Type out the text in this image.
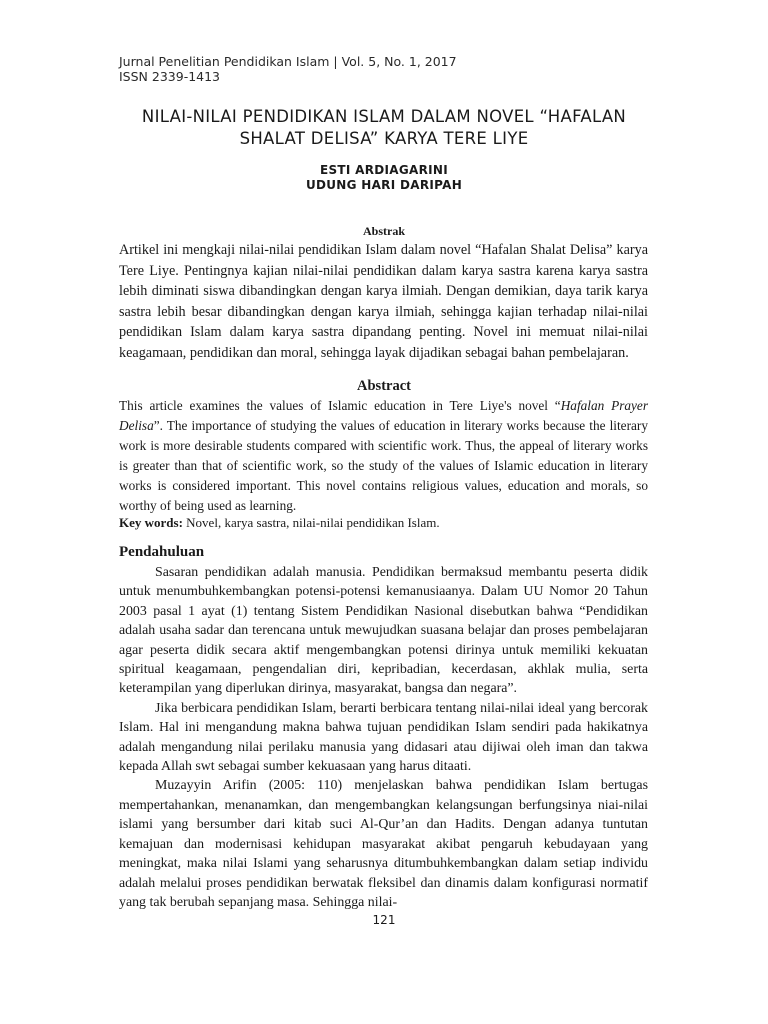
Jurnal Penelitian Pendidikan Islam | Vol. 5, No. 1, 2017
ISSN 2339-1413
NILAI-NILAI PENDIDIKAN ISLAM DALAM NOVEL “HAFALAN
SHALAT DELISA” KARYA TERE LIYE
ESTI ARDIAGARINI
UDUNG HARI DARIPAH
Abstrak
Artikel ini mengkaji nilai-nilai pendidikan Islam dalam novel “Hafalan Shalat Delisa” karya Tere Liye. Pentingnya kajian nilai-nilai pendidikan dalam karya sastra karena karya sastra lebih diminati siswa dibandingkan dengan karya ilmiah. Dengan demikian, daya tarik karya sastra lebih besar dibandingkan dengan karya ilmiah, sehingga kajian terhadap nilai-nilai pendidikan Islam dalam karya sastra dipandang penting. Novel ini memuat nilai-nilai keagamaan, pendidikan dan moral, sehingga layak dijadikan sebagai bahan pembelajaran.
Abstract
This article examines the values of Islamic education in Tere Liye's novel “Hafalan Prayer Delisa”. The importance of studying the values of education in literary works because the literary work is more desirable students compared with scientific work. Thus, the appeal of literary works is greater than that of scientific work, so the study of the values of Islamic education in literary works is considered important. This novel contains religious values, education and morals, so worthy of being used as learning.
Key words: Novel, karya sastra, nilai-nilai pendidikan Islam.
Pendahuluan

Sasaran pendidikan adalah manusia. Pendidikan bermaksud membantu peserta didik untuk menumbuhkembangkan potensi-potensi kemanusiaanya. Dalam UU Nomor 20 Tahun 2003 pasal 1 ayat (1) tentang Sistem Pendidikan Nasional disebutkan bahwa “Pendidikan adalah usaha sadar dan terencana untuk mewujudkan suasana belajar dan proses pembelajaran agar peserta didik secara aktif mengembangkan potensi dirinya untuk memiliki kekuatan spiritual keagamaan, pengendalian diri, kepribadian, kecerdasan, akhlak mulia, serta keterampilan yang diperlukan dirinya, masyarakat, bangsa dan negara”.

Jika berbicara pendidikan Islam, berarti berbicara tentang nilai-nilai ideal yang bercorak Islam. Hal ini mengandung makna bahwa tujuan pendidikan Islam sendiri pada hakikatnya adalah mengandung nilai perilaku manusia yang didasari atau dijiwai oleh iman dan takwa kepada Allah swt sebagai sumber kekuasaan yang harus ditaati.

Muzayyin Arifin (2005: 110) menjelaskan bahwa pendidikan Islam bertugas mempertahankan, menanamkan, dan mengembangkan kelangsungan berfungsinya niai-nilai islami yang bersumber dari kitab suci Al-Qur’an dan Hadits. Dengan adanya tuntutan kemajuan dan modernisasi kehidupan masyarakat akibat pengaruh kebudayaan yang meningkat, maka nilai Islami yang seharusnya ditumbuhkembangkan dalam setiap individu adalah melalui proses pendidikan berwatak fleksibel dan dinamis dalam konfigurasi normatif yang tak berubah sepanjang masa. Sehingga nilai-

121
